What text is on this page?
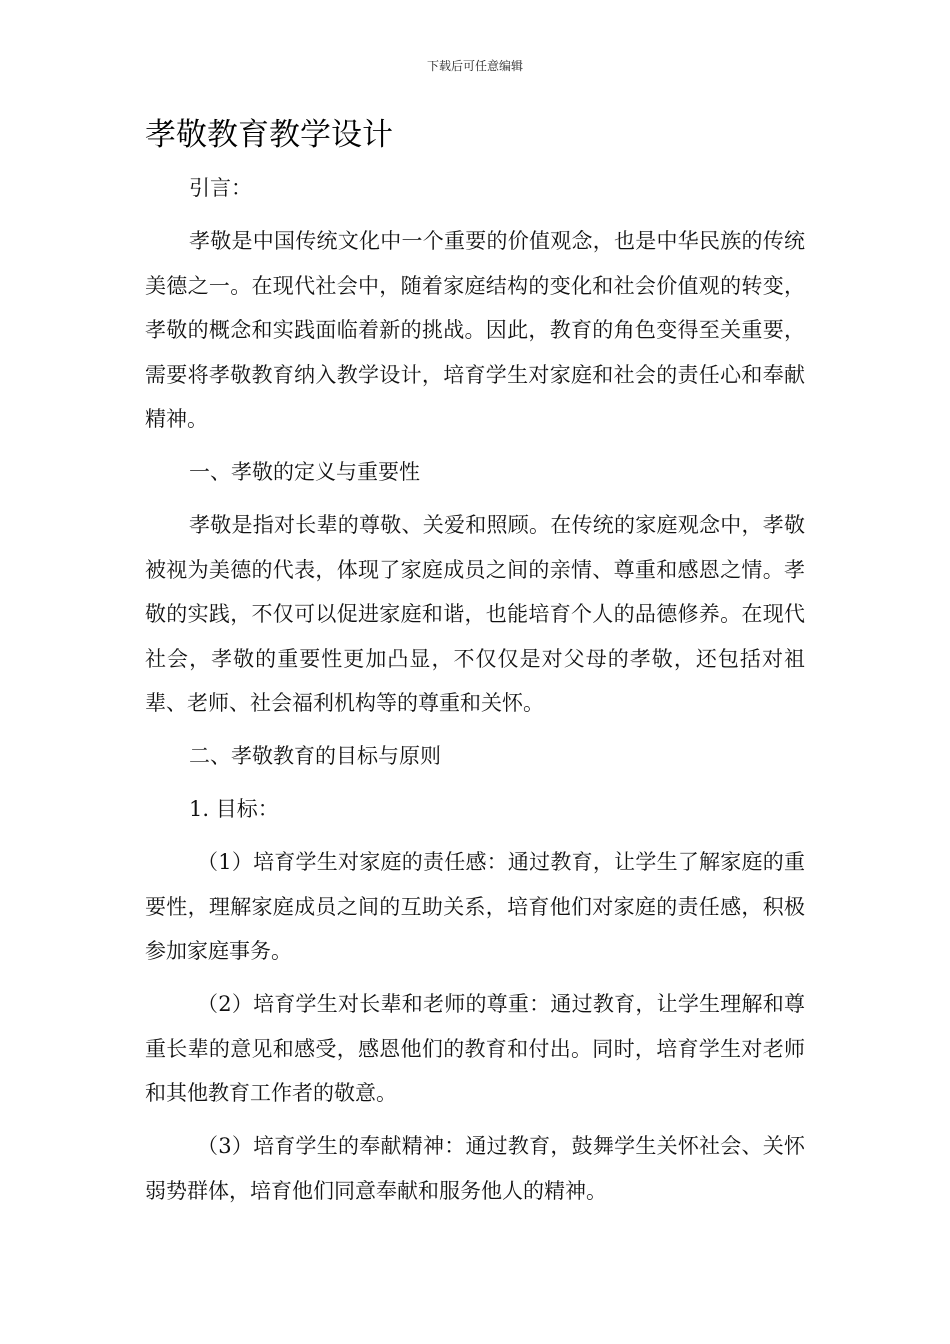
下载后可任意编辑
孝敬教育教学设计

引言：

孝敬是中国传统文化中一个重要的价值观念，也是中华民族的传统美德之一。在现代社会中，随着家庭结构的变化和社会价值观的转变，孝敬的概念和实践面临着新的挑战。因此，教育的角色变得至关重要，需要将孝敬教育纳入教学设计，培育学生对家庭和社会的责任心和奉献精神。

一、孝敬的定义与重要性

孝敬是指对长辈的尊敬、关爱和照顾。在传统的家庭观念中，孝敬被视为美德的代表，体现了家庭成员之间的亲情、尊重和感恩之情。孝敬的实践，不仅可以促进家庭和谐，也能培育个人的品德修养。在现代社会，孝敬的重要性更加凸显，不仅仅是对父母的孝敬，还包括对祖辈、老师、社会福利机构等的尊重和关怀。

二、孝敬教育的目标与原则

1. 目标：

（1）培育学生对家庭的责任感：通过教育，让学生了解家庭的重要性，理解家庭成员之间的互助关系，培育他们对家庭的责任感，积极参加家庭事务。

（2）培育学生对长辈和老师的尊重：通过教育，让学生理解和尊重长辈的意见和感受，感恩他们的教育和付出。同时，培育学生对老师和其他教育工作者的敬意。

（3）培育学生的奉献精神：通过教育，鼓舞学生关怀社会、关怀弱势群体，培育他们同意奉献和服务他人的精神。
